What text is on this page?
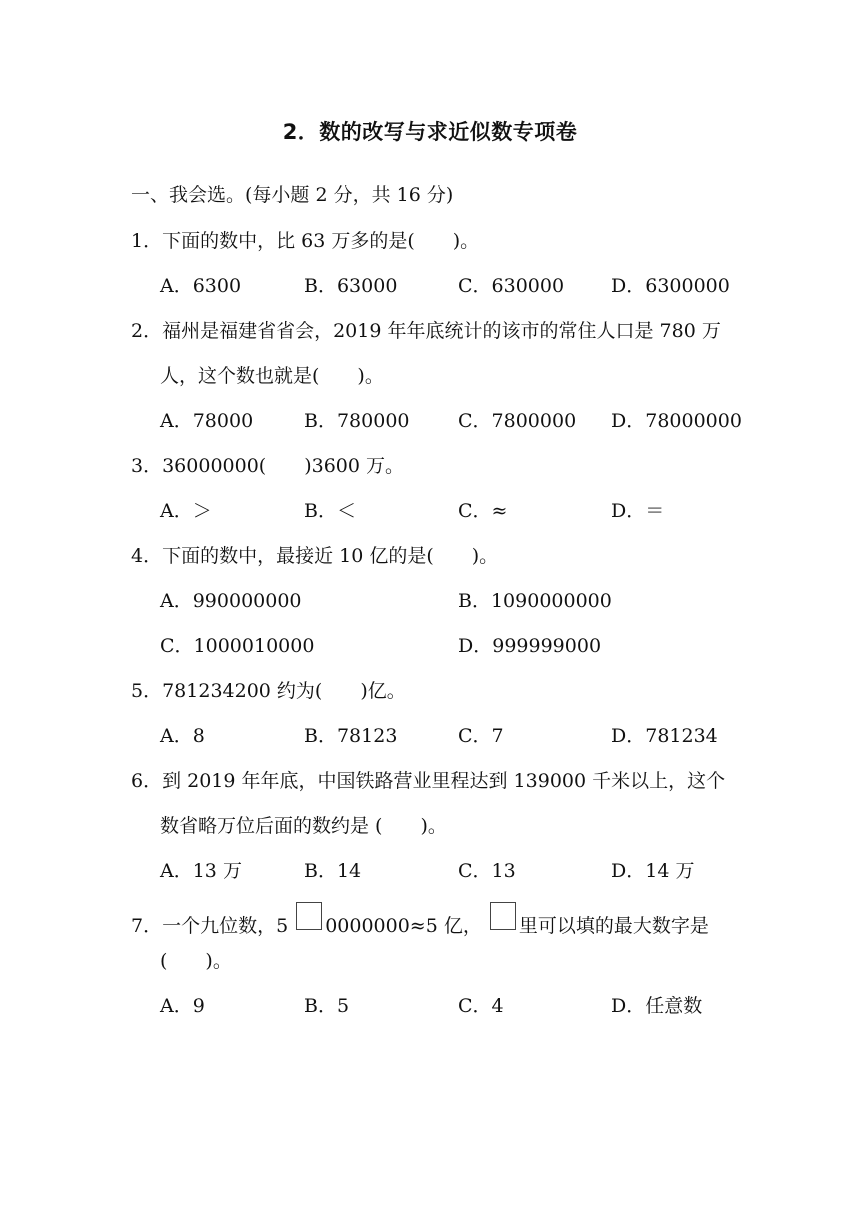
2．数的改写与求近似数专项卷
一、我会选。(每小题 2 分，共 16 分)
1．下面的数中，比 63 万多的是(　　)。
A．6300	B．63000	C．630000 D．6300000
2．福州是福建省省会，2019 年年底统计的该市的常住人口是 780 万
人，这个数也就是(　　)。
A．78000	B．780000	C．7800000 D．78000000
3．36000000(　　)3600 万。
A．＞	B．＜	C．≈	D．＝
4．下面的数中，最接近 10 亿的是(　　)。
A．990000000	B．1090000000
C．1000010000	D．999999000
5．781234200 约为(　　)亿。
A．8	B．78123	C．7	D．781234
6．到 2019 年年底，中国铁路营业里程达到 139000 千米以上，这个
数省略万位后面的数约是 (　　)。
A．13 万	B．14	C．13	D．14 万
7．一个九位数，5 0000000≈5 亿， 里可以填的最大数字是
(　　)。
A．9	B．5	C．4	D．任意数
